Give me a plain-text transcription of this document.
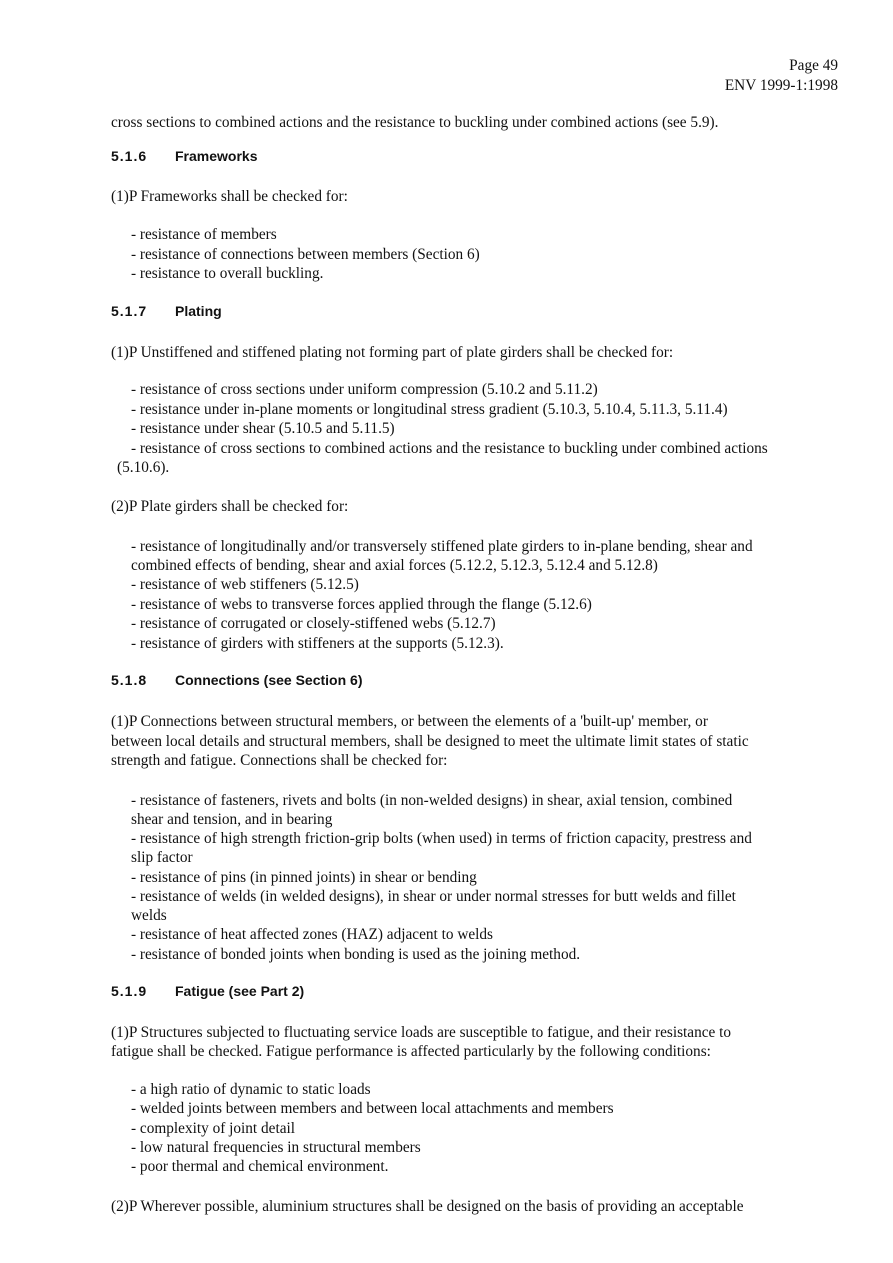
Page 49
ENV 1999-1:1998
cross sections to combined actions and the resistance to buckling under combined actions (see 5.9).
5.1.6 Frameworks
(1)P Frameworks shall be checked for:
- resistance of members
- resistance of connections between members (Section 6)
- resistance to overall buckling.
5.1.7 Plating
(1)P Unstiffened and stiffened plating not forming part of plate girders shall be checked for:
- resistance of cross sections under uniform compression (5.10.2 and 5.11.2)
- resistance under in-plane moments or longitudinal stress gradient (5.10.3, 5.10.4, 5.11.3, 5.11.4)
- resistance under shear (5.10.5 and 5.11.5)
- resistance of cross sections to combined actions and the resistance to buckling under combined actions
(5.10.6).
(2)P Plate girders shall be checked for:
- resistance of longitudinally and/or transversely stiffened plate girders to in-plane bending, shear and
combined effects of bending, shear and axial forces (5.12.2, 5.12.3, 5.12.4 and 5.12.8)
- resistance of web stiffeners (5.12.5)
- resistance of webs to transverse forces applied through the flange (5.12.6)
- resistance of corrugated or closely-stiffened webs (5.12.7)
- resistance of girders with stiffeners at the supports (5.12.3).
5.1.8 Connections (see Section 6)
(1)P Connections between structural members, or between the elements of a 'built-up' member, or
between local details and structural members, shall be designed to meet the ultimate limit states of static
strength and fatigue. Connections shall be checked for:
- resistance of fasteners, rivets and bolts (in non-welded designs) in shear, axial tension, combined
shear and tension, and in bearing
- resistance of high strength friction-grip bolts (when used) in terms of friction capacity, prestress and
slip factor
- resistance of pins (in pinned joints) in shear or bending
- resistance of welds (in welded designs), in shear or under normal stresses for butt welds and fillet
welds
- resistance of heat affected zones (HAZ) adjacent to welds
- resistance of bonded joints when bonding is used as the joining method.
5.1.9 Fatigue (see Part 2)
(1)P Structures subjected to fluctuating service loads are susceptible to fatigue, and their resistance to
fatigue shall be checked. Fatigue performance is affected particularly by the following conditions:
- a high ratio of dynamic to static loads
- welded joints between members and between local attachments and members
- complexity of joint detail
- low natural frequencies in structural members
- poor thermal and chemical environment.
(2)P Wherever possible, aluminium structures shall be designed on the basis of providing an acceptable
